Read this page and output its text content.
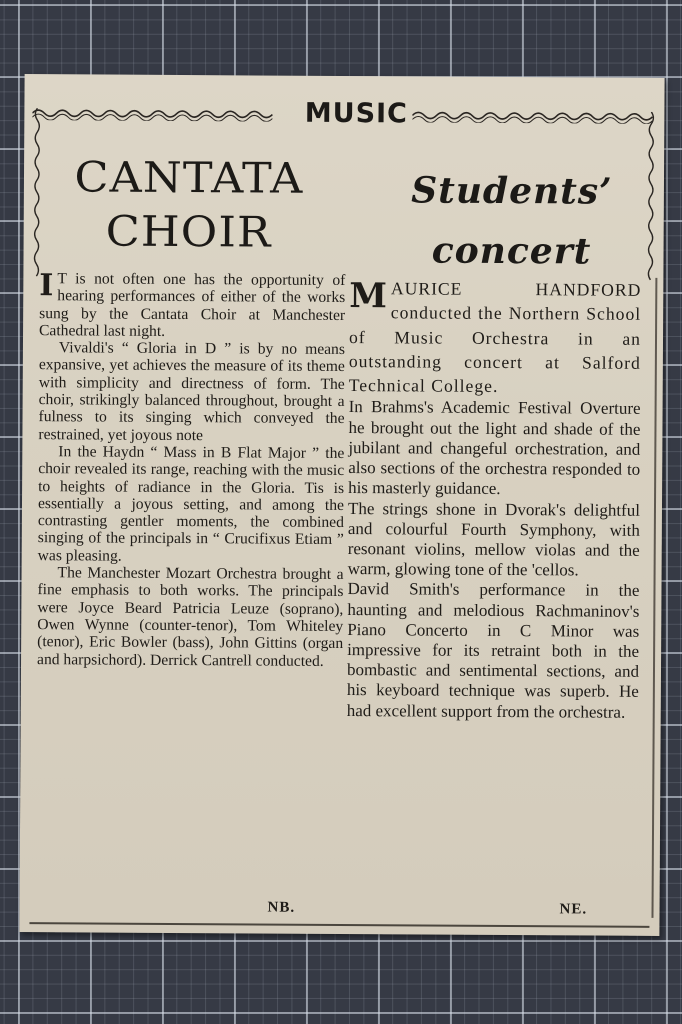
MUSIC
CANTATA
CHOIR
Students’
concert

I T is not often one has the opportunity of hearing performances of either of the works sung by the Cantata Choir at Manchester Cathedral last night.

Vivaldi's “ Gloria in D ” is by no means expansive, yet achieves the measure of its theme with simplicity and directness of form. The choir, strikingly balanced throughout, brought a fulness to its singing which conveyed the restrained, yet joyous note

In the Haydn “ Mass in B Flat Major ” the choir revealed its range, reaching with the music to heights of radiance in the Gloria. Tis is essentially a joyous setting, and among the contrasting gentler moments, the combined singing of the principals in “ Crucifixus Etiam ” was pleasing.

The Manchester Mozart Orchestra brought a fine emphasis to both works. The principals were Joyce Beard Patricia Leuze (soprano), Owen Wynne (counter-tenor), Tom Whiteley (tenor), Eric Bowler (bass), John Gittins (organ and harpsichord). Derrick Cantrell conducted.

MAURICE HANDFORD conducted the Northern School of Music Orchestra in an outstanding concert at Salford Technical College.

In Brahms's Academic Festival Overture he brought out the light and shade of the jubilant and changeful orchestration, and also sections of the orchestra responded to his masterly guidance.

The strings shone in Dvorak's delightful and colourful Fourth Symphony, with resonant violins, mellow violas and the warm, glowing tone of the 'cellos.

David Smith's performance in the haunting and melodious Rachmaninov's Piano Concerto in C Minor was impressive for its retraint both in the bombastic and sentimental sections, and his keyboard technique was superb. He had excellent support from the orchestra.

NB.	NE.
